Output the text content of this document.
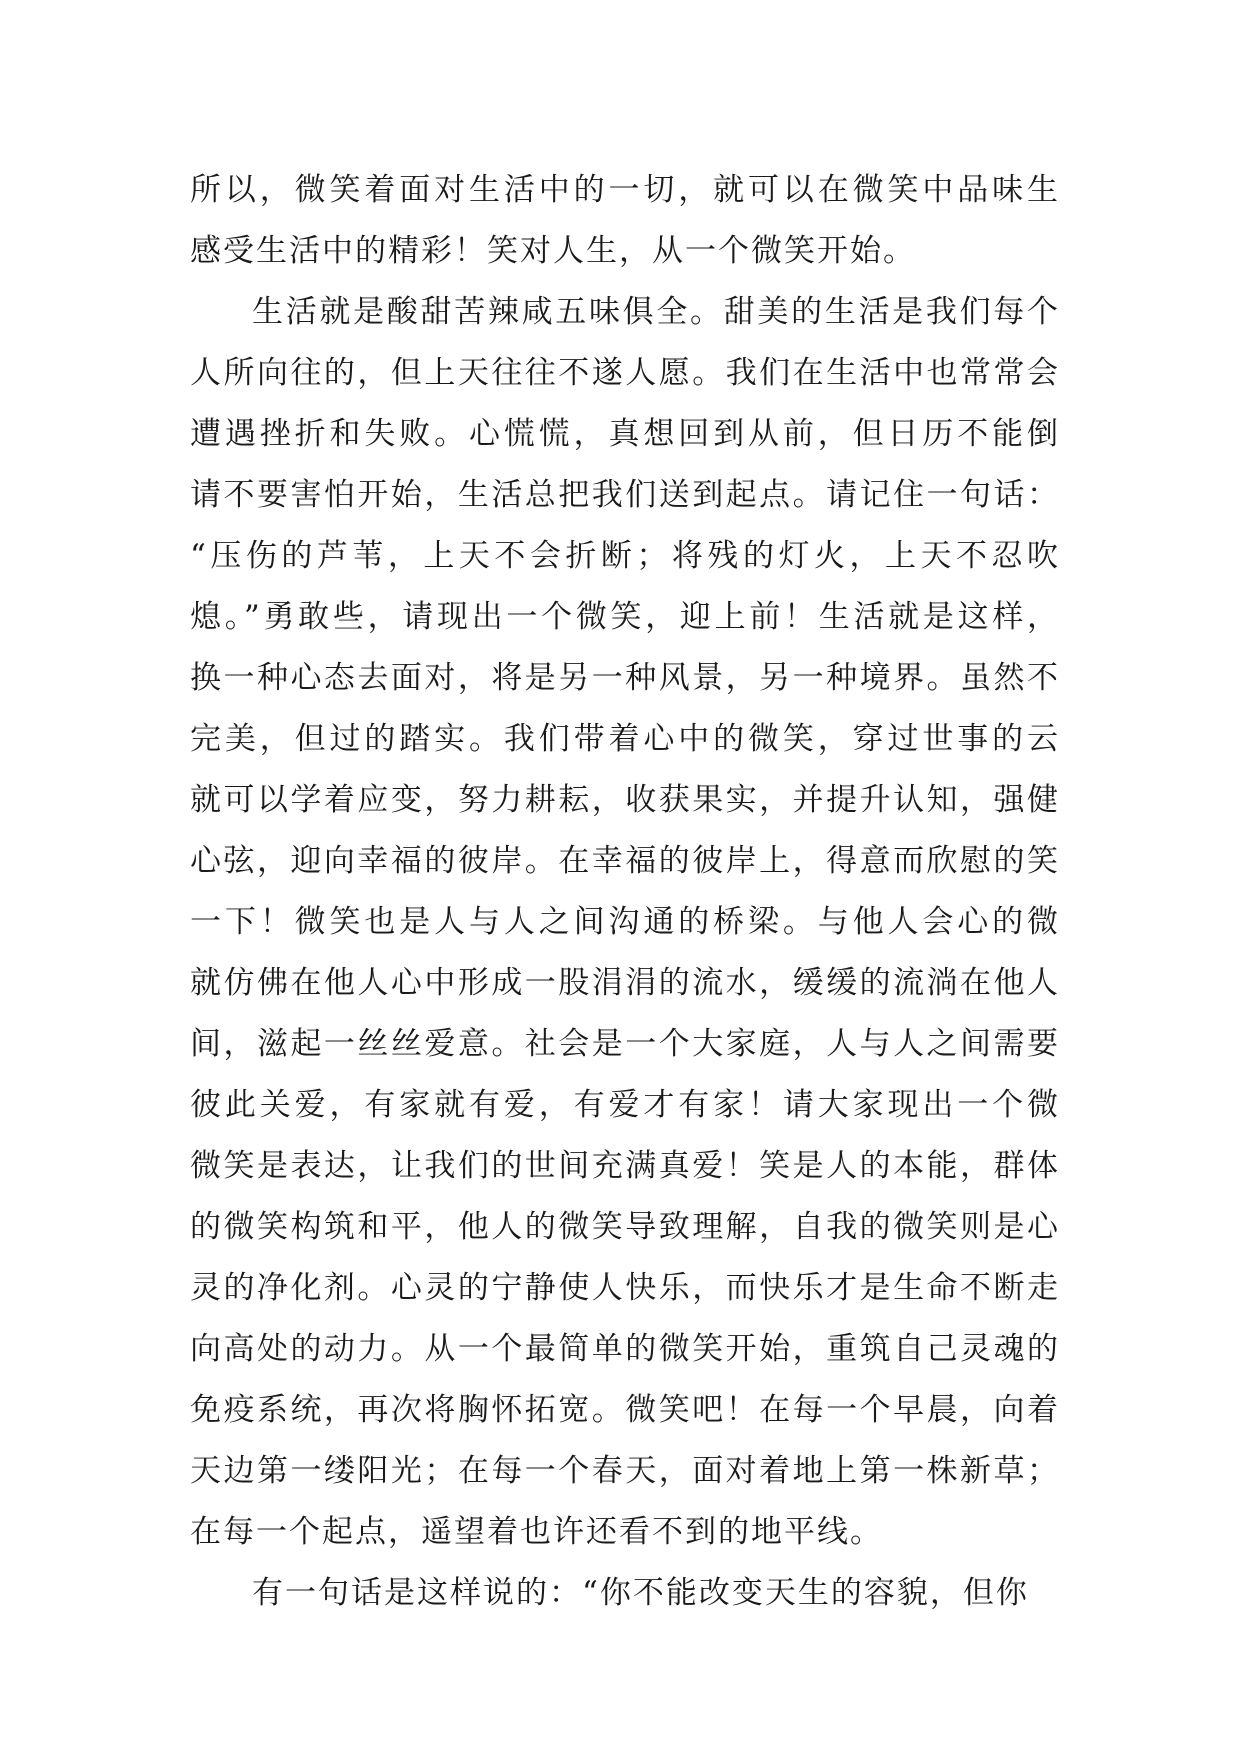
所以，微笑着面对生活中的一切，就可以在微笑中品味生
感受生活中的精彩！笑对人生，从一个微笑开始。
生活就是酸甜苦辣咸五味俱全。甜美的生活是我们每个
人所向往的，但上天往往不遂人愿。我们在生活中也常常会
遭遇挫折和失败。心慌慌，真想回到从前，但日历不能倒
请不要害怕开始，生活总把我们送到起点。请记住一句话：
“压伤的芦苇，上天不会折断；将残的灯火，上天不忍吹
熄。”勇敢些，请现出一个微笑，迎上前！生活就是这样，
换一种心态去面对，将是另一种风景，另一种境界。虽然不
完美，但过的踏实。我们带着心中的微笑，穿过世事的云
就可以学着应变，努力耕耘，收获果实，并提升认知，强健
心弦，迎向幸福的彼岸。在幸福的彼岸上，得意而欣慰的笑
一下！微笑也是人与人之间沟通的桥梁。与他人会心的微
就仿佛在他人心中形成一股涓涓的流水，缓缓的流淌在他人
间，滋起一丝丝爱意。社会是一个大家庭，人与人之间需要
彼此关爱，有家就有爱，有爱才有家！请大家现出一个微
微笑是表达，让我们的世间充满真爱！笑是人的本能，群体
的微笑构筑和平，他人的微笑导致理解，自我的微笑则是心
灵的净化剂。心灵的宁静使人快乐，而快乐才是生命不断走
向高处的动力。从一个最简单的微笑开始，重筑自己灵魂的
免疫系统，再次将胸怀拓宽。微笑吧！在每一个早晨，向着
天边第一缕阳光；在每一个春天，面对着地上第一株新草；
在每一个起点，遥望着也许还看不到的地平线。
有一句话是这样说的：“你不能改变天生的容貌，但你
